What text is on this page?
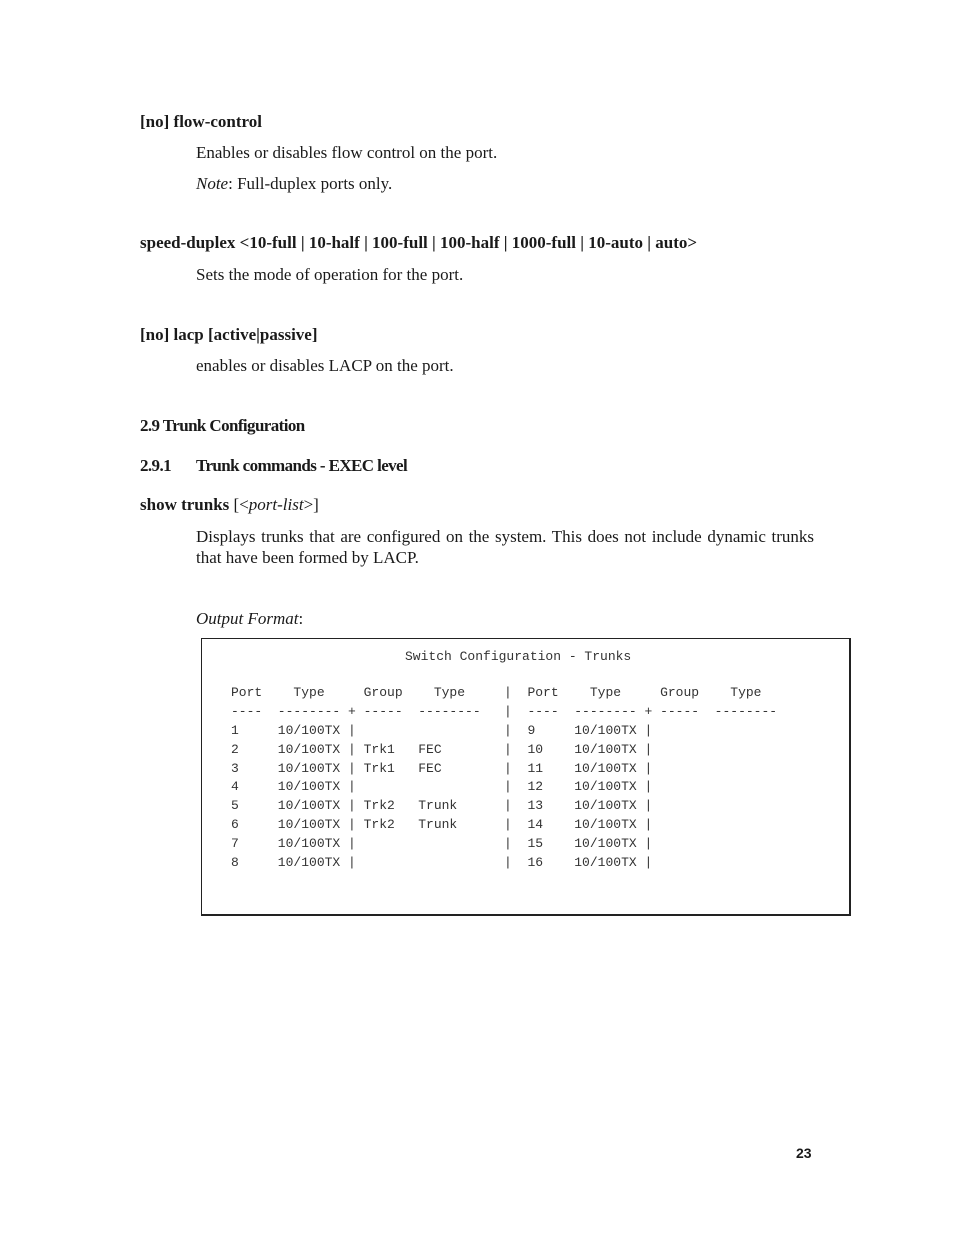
[no] flow-control
Enables or disables flow control on the port.
Note: Full-duplex ports only.
speed-duplex <10-full | 10-half | 100-full | 100-half | 1000-full | 10-auto | auto>
Sets the mode of operation for the port.
[no] lacp [active|passive]
enables or disables LACP on the port.
2.9 Trunk Configuration
2.9.1 Trunk commands - EXEC level
show trunks [<port-list>]
Displays trunks that are configured on the system. This does not include dynamic trunks that have been formed by LACP.
Output Format:
Switch Configuration - Trunks
Port    Type     Group    Type     |  Port    Type     Group    Type
----  -------- + -----  --------   |  ----  -------- + -----  --------
1     10/100TX |                   |  9     10/100TX |
2     10/100TX | Trk1   FEC        |  10    10/100TX |
3     10/100TX | Trk1   FEC        |  11    10/100TX |
4     10/100TX |                   |  12    10/100TX |
5     10/100TX | Trk2   Trunk      |  13    10/100TX |
6     10/100TX | Trk2   Trunk      |  14    10/100TX |
7     10/100TX |                   |  15    10/100TX |
8     10/100TX |                   |  16    10/100TX |
23
